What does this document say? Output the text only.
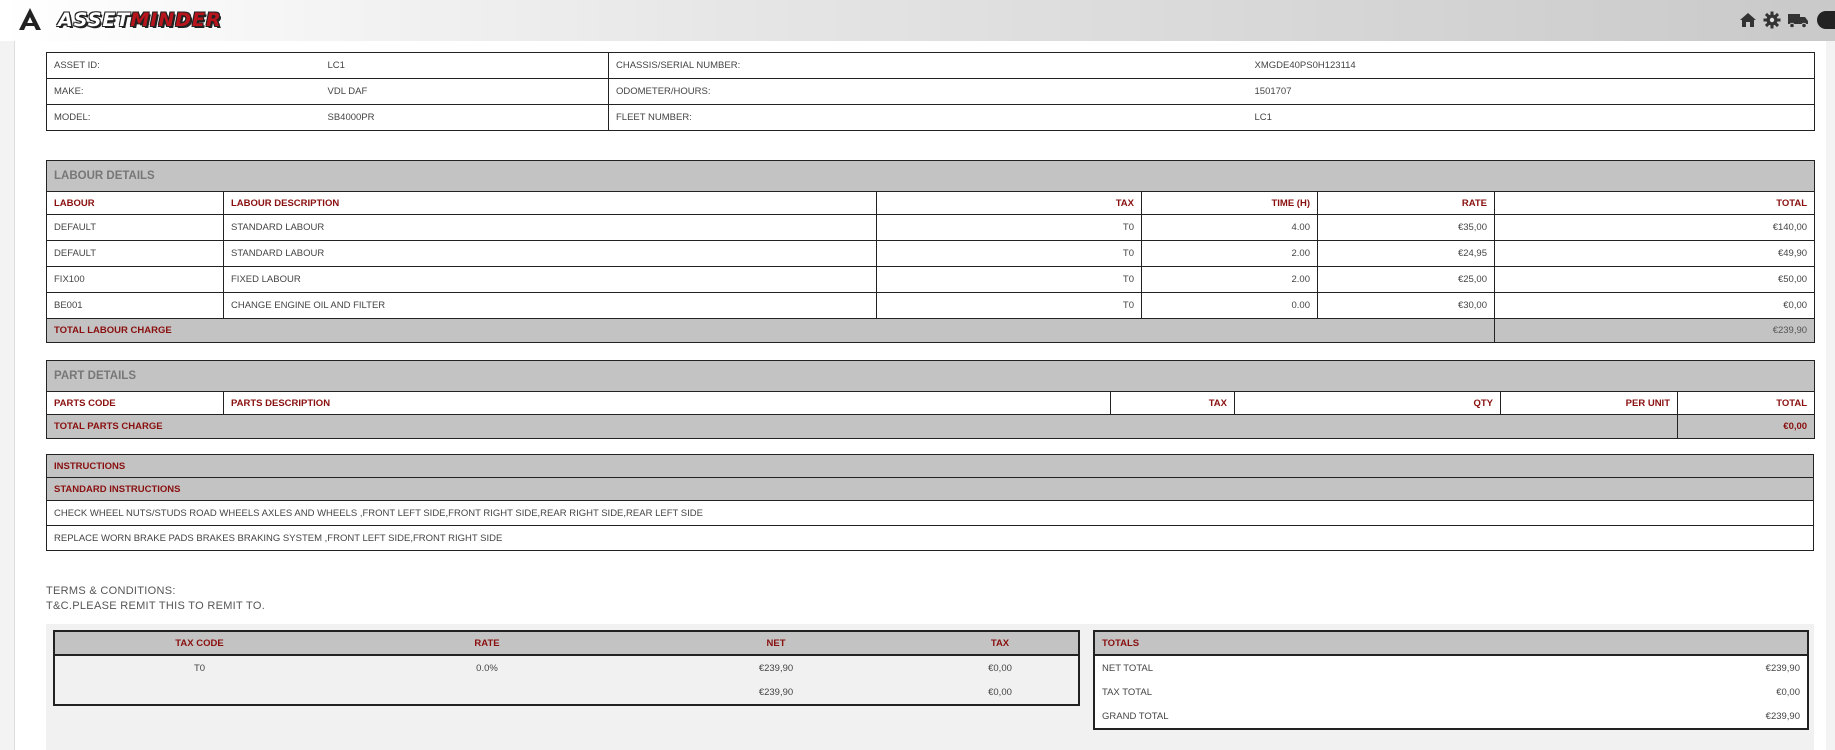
ASSETMINDER
ASSET ID:	LC1	CHASSIS/SERIAL NUMBER:	XMGDE40PS0H123114
MAKE:	VDL DAF	ODOMETER/HOURS:	1501707
MODEL:	SB4000PR	FLEET NUMBER:	LC1
LABOUR DETAILS					
LABOUR	LABOUR DESCRIPTION	TAX	TIME (H)	RATE	TOTAL
DEFAULT	STANDARD LABOUR	T0	4.00	€35,00	€140,00
DEFAULT	STANDARD LABOUR	T0	2.00	€24,95	€49,90
FIX100	FIXED LABOUR	T0	2.00	€25,00	€50,00
BE001	CHANGE ENGINE OIL AND FILTER	T0	0.00	€30,00	€0,00
TOTAL LABOUR CHARGE					€239,90
PART DETAILS					
PARTS CODE	PARTS DESCRIPTION	TAX	QTY	PER UNIT	TOTAL
TOTAL PARTS CHARGE					€0,00
INSTRUCTIONS
STANDARD INSTRUCTIONS
CHECK WHEEL NUTS/STUDS ROAD WHEELS AXLES AND WHEELS ,FRONT LEFT SIDE,FRONT RIGHT SIDE,REAR RIGHT SIDE,REAR LEFT SIDE
REPLACE WORN BRAKE PADS BRAKES BRAKING SYSTEM ,FRONT LEFT SIDE,FRONT RIGHT SIDE
TERMS & CONDITIONS:
T&C.PLEASE REMIT THIS TO REMIT TO.
TAX CODE	RATE	NET	TAX
T0	0.0%	€239,90	€0,00
		€239,90	€0,00
TOTALS	
NET TOTAL	€239,90
TAX TOTAL	€0,00
GRAND TOTAL	€239,90
